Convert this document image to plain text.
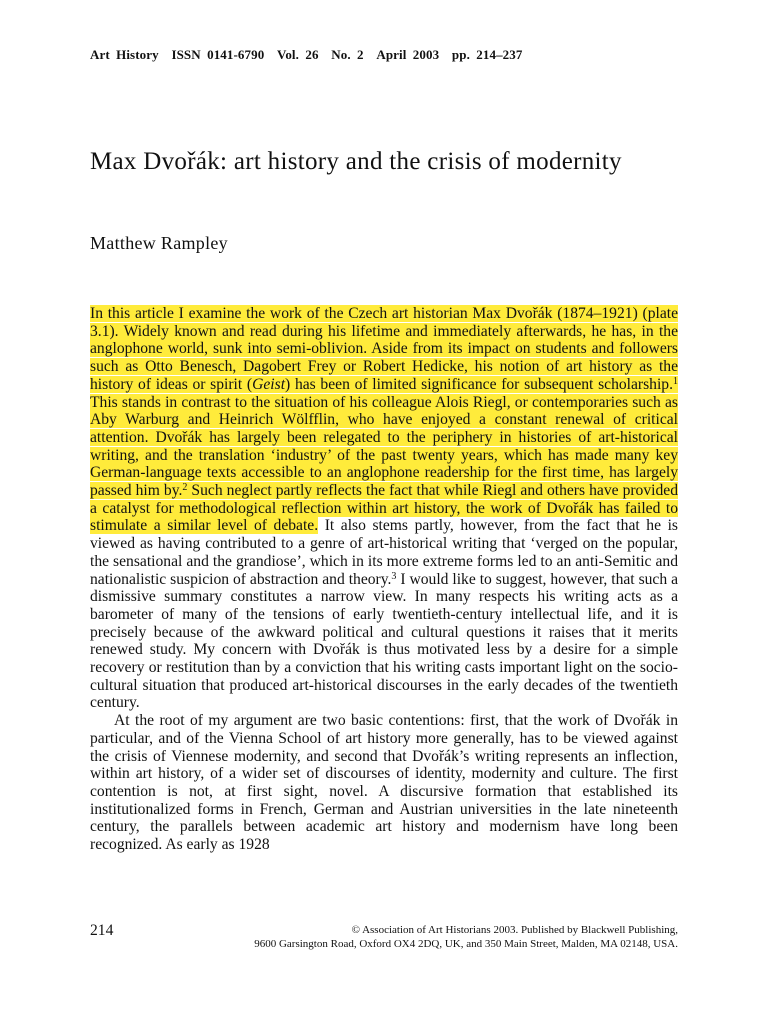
Art History ISSN 0141-6790 Vol. 26 No. 2 April 2003 pp. 214–237
Max Dvořák: art history and the crisis of modernity
Matthew Rampley

In this article I examine the work of the Czech art historian Max Dvořák (1874–1921) (plate 3.1). Widely known and read during his lifetime and immediately afterwards, he has, in the anglophone world, sunk into semi-oblivion. Aside from its impact on students and followers such as Otto Benesch, Dagobert Frey or Robert Hedicke, his notion of art history as the history of ideas or spirit (Geist) has been of limited significance for subsequent scholarship.$^1$ This stands in contrast to the situation of his colleague Alois Riegl, or contemporaries such as Aby Warburg and Heinrich Wölfflin, who have enjoyed a constant renewal of critical attention. Dvořák has largely been relegated to the periphery in histories of art-historical writing, and the translation ‘industry’ of the past twenty years, which has made many key German-language texts accessible to an anglophone readership for the first time, has largely passed him by.$^2$ Such neglect partly reflects the fact that while Riegl and others have provided a catalyst for methodological reflection within art history, the work of Dvořák has failed to stimulate a similar level of debate. It also stems partly, however, from the fact that he is viewed as having contributed to a genre of art-historical writing that ‘verged on the popular, the sensational and the grandiose’, which in its more extreme forms led to an anti-Semitic and nationalistic suspicion of abstraction and theory.$^3$ I would like to suggest, however, that such a dismissive summary constitutes a narrow view. In many respects his writing acts as a barometer of many of the tensions of early twentieth-century intellectual life, and it is precisely because of the awkward political and cultural questions it raises that it merits renewed study. My concern with Dvořák is thus motivated less by a desire for a simple recovery or restitution than by a conviction that his writing casts important light on the socio-cultural situation that produced art-historical discourses in the early decades of the twentieth century.

At the root of my argument are two basic contentions: first, that the work of Dvořák in particular, and of the Vienna School of art history more generally, has to be viewed against the crisis of Viennese modernity, and second that Dvořák’s writing represents an inflection, within art history, of a wider set of discourses of identity, modernity and culture. The first contention is not, at first sight, novel. A discursive formation that established its institutionalized forms in French, German and Austrian universities in the late nineteenth century, the parallels between academic art history and modernism have long been recognized. As early as 1928

214	© Association of Art Historians 2003. Published by Blackwell Publishing,
9600 Garsington Road, Oxford OX4 2DQ, UK, and 350 Main Street, Malden, MA 02148, USA.
